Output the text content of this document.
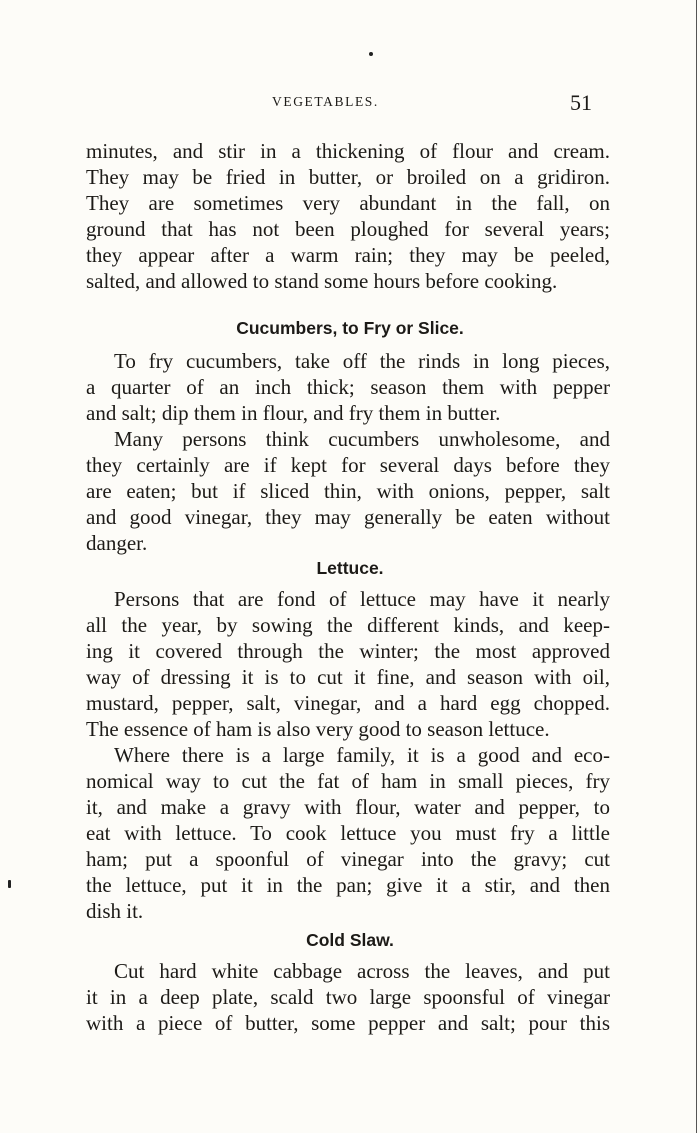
VEGETABLES.	51
minutes, and stir in a thickening of flour and cream.
They may be fried in butter, or broiled on a gridiron.
They are sometimes very abundant in the fall, on
ground that has not been ploughed for several years;
they appear after a warm rain; they may be peeled,
salted, and allowed to stand some hours before cooking.
Cucumbers, to Fry or Slice.
To fry cucumbers, take off the rinds in long pieces,
a quarter of an inch thick; season them with pepper
and salt; dip them in flour, and fry them in butter.
Many persons think cucumbers unwholesome, and
they certainly are if kept for several days before they
are eaten; but if sliced thin, with onions, pepper, salt
and good vinegar, they may generally be eaten without
danger.
Lettuce.
Persons that are fond of lettuce may have it nearly
all the year, by sowing the different kinds, and keep-
ing it covered through the winter; the most approved
way of dressing it is to cut it fine, and season with oil,
mustard, pepper, salt, vinegar, and a hard egg chopped.
The essence of ham is also very good to season lettuce.
Where there is a large family, it is a good and eco-
nomical way to cut the fat of ham in small pieces, fry
it, and make a gravy with flour, water and pepper, to
eat with lettuce. To cook lettuce you must fry a little
ham; put a spoonful of vinegar into the gravy; cut
the lettuce, put it in the pan; give it a stir, and then
dish it.
Cold Slaw.
Cut hard white cabbage across the leaves, and put
it in a deep plate, scald two large spoonsful of vinegar
with a piece of butter, some pepper and salt; pour this
